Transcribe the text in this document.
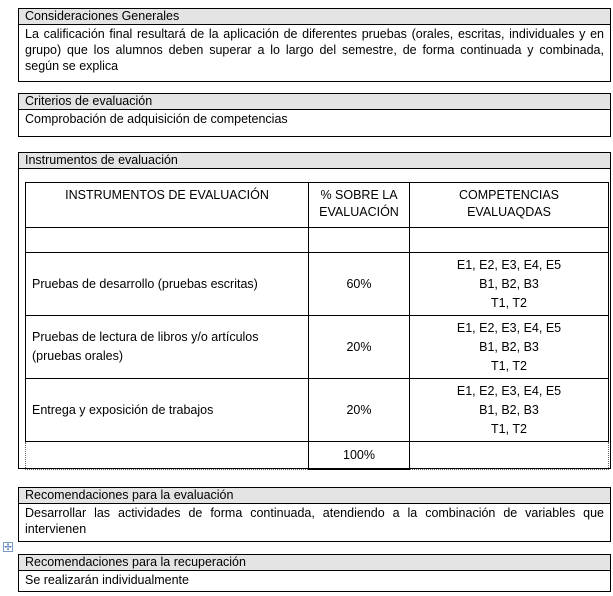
Consideraciones Generales
La calificación final resultará de la aplicación de diferentes pruebas (orales, escritas, individuales y en grupo) que los alumnos deben superar a lo largo del semestre, de forma continuada y combinada, según se explica
Criterios de evaluación
Comprobación de adquisición de competencias
Instrumentos de evaluación
INSTRUMENTOS DE EVALUACIÓN	% SOBRE LA EVALUACIÓN	COMPETENCIAS EVALUAQDAS

Pruebas de desarrollo (pruebas escritas)	60%	E1, E2, E3, E4, E5
B1, B2, B3
T1, T2

Pruebas de lectura de libros y/o artículos (pruebas orales)	20%	E1, E2, E3, E4, E5
B1, B2, B3
T1, T2

Entrega y exposición de trabajos	20%	E1, E2, E3, E4, E5
B1, B2, B3
T1, T2

	100%	
Recomendaciones para la evaluación
Desarrollar las actividades de forma continuada, atendiendo a la combinación de variables que intervienen
✢
Recomendaciones para la recuperación
Se realizarán individualmente
